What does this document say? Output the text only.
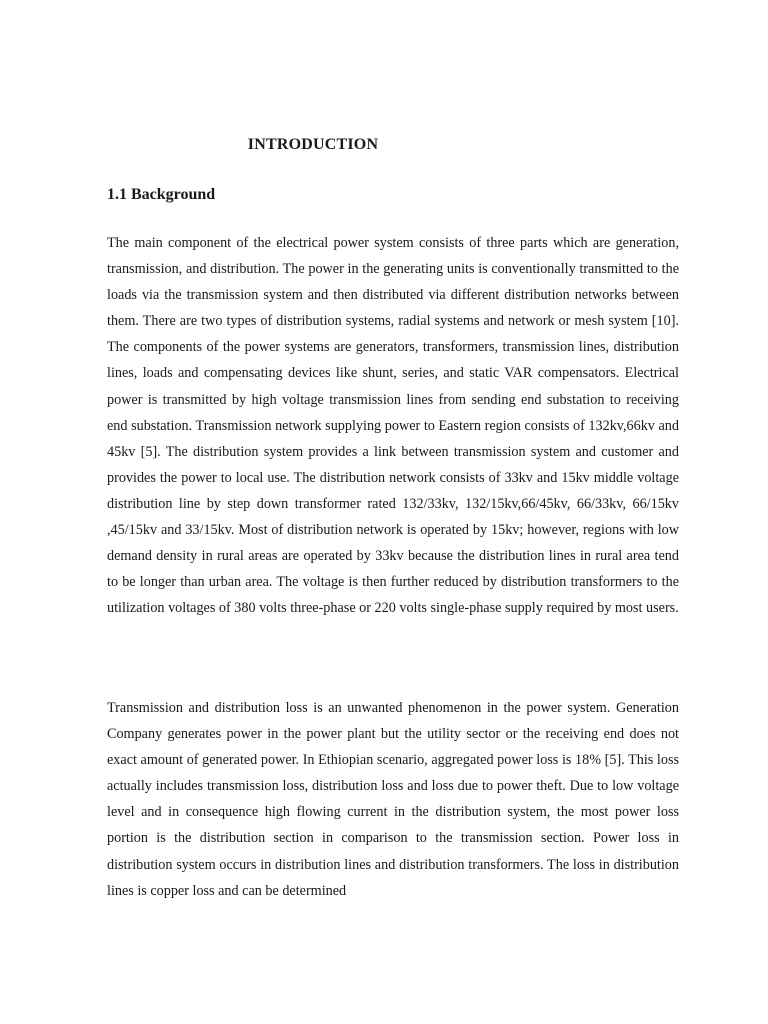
INTRODUCTION
1.1 Background

The main component of the electrical power system consists of three parts which are generation, transmission, and distribution. The power in the generating units is conventionally transmitted to the loads via the transmission system and then distributed via different distribution networks between them. There are two types of distribution systems, radial systems and network or mesh system [10]. The components of the power systems are generators, transformers, transmission lines, distribution lines, loads and compensating devices like shunt, series, and static VAR compensators. Electrical power is transmitted by high voltage transmission lines from sending end substation to receiving end substation. Transmission network supplying power to Eastern region consists of 132kv,66kv and 45kv [5]. The distribution system provides a link between transmission system and customer and provides the power to local use. The distribution network consists of 33kv and 15kv middle voltage distribution line by step down transformer rated 132/33kv, 132/15kv,66/45kv, 66/33kv, 66/15kv ,45/15kv and 33/15kv. Most of distribution network is operated by 15kv; however, regions with low demand density in rural areas are operated by 33kv because the distribution lines in rural area tend to be longer than urban area. The voltage is then further reduced by distribution transformers to the utilization voltages of 380 volts three-phase or 220 volts single-phase supply required by most users.

Transmission and distribution loss is an unwanted phenomenon in the power system. Generation Company generates power in the power plant but the utility sector or the receiving end does not exact amount of generated power. In Ethiopian scenario, aggregated power loss is 18% [5]. This loss actually includes transmission loss, distribution loss and loss due to power theft. Due to low voltage level and in consequence high flowing current in the distribution system, the most power loss portion is the distribution section in comparison to the transmission section. Power loss in distribution system occurs in distribution lines and distribution transformers. The loss in distribution lines is copper loss and can be determined
